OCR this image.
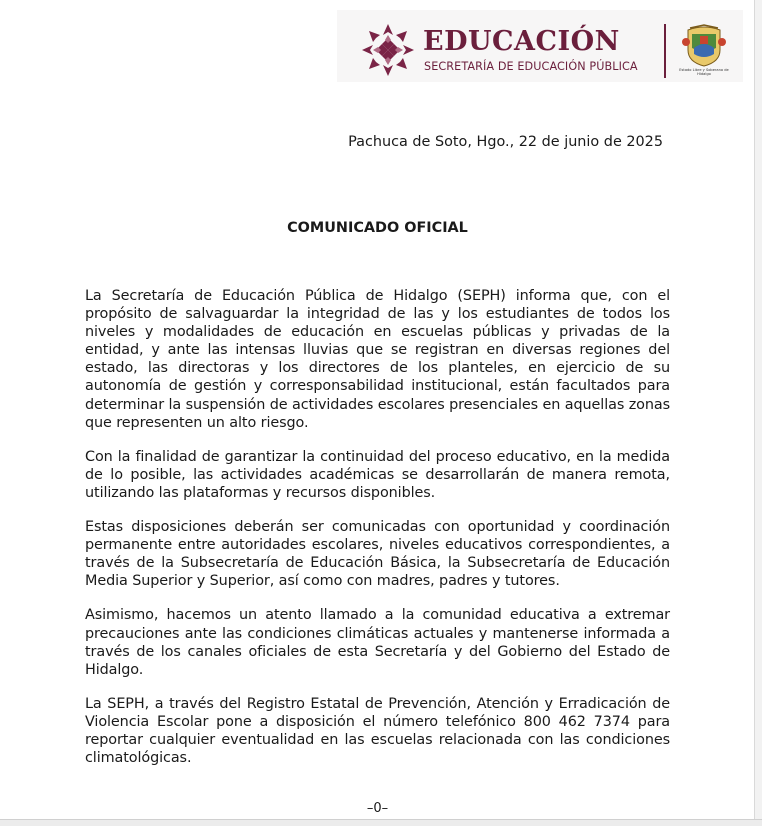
EDUCACIÓN
SECRETARÍA DE EDUCACIÓN PÚBLICA	Estado Libre y Soberano de Hidalgo
Pachuca de Soto, Hgo., 22 de junio de 2025
COMUNICADO OFICIAL

La Secretaría de Educación Pública de Hidalgo (SEPH) informa que, con el propósito de salvaguardar la integridad de las y los estudiantes de todos los niveles y modalidades de educación en escuelas públicas y privadas de la entidad, y ante las intensas lluvias que se registran en diversas regiones del estado, las directoras y los directores de los planteles, en ejercicio de su autonomía de gestión y corresponsabilidad institucional, están facultados para determinar la suspensión de actividades escolares presenciales en aquellas zonas que representen un alto riesgo.

Con la finalidad de garantizar la continuidad del proceso educativo, en la medida de lo posible, las actividades académicas se desarrollarán de manera remota, utilizando las plataformas y recursos disponibles.

Estas disposiciones deberán ser comunicadas con oportunidad y coordinación permanente entre autoridades escolares, niveles educativos correspondientes, a través de la Subsecretaría de Educación Básica, la Subsecretaría de Educación Media Superior y Superior, así como con madres, padres y tutores.

Asimismo, hacemos un atento llamado a la comunidad educativa a extremar precauciones ante las condiciones climáticas actuales y mantenerse informada a través de los canales oficiales de esta Secretaría y del Gobierno del Estado de Hidalgo.

La SEPH, a través del Registro Estatal de Prevención, Atención y Erradicación de Violencia Escolar pone a disposición el número telefónico 800 462 7374 para reportar cualquier eventualidad en las escuelas relacionada con las condiciones climatológicas.

–0–
